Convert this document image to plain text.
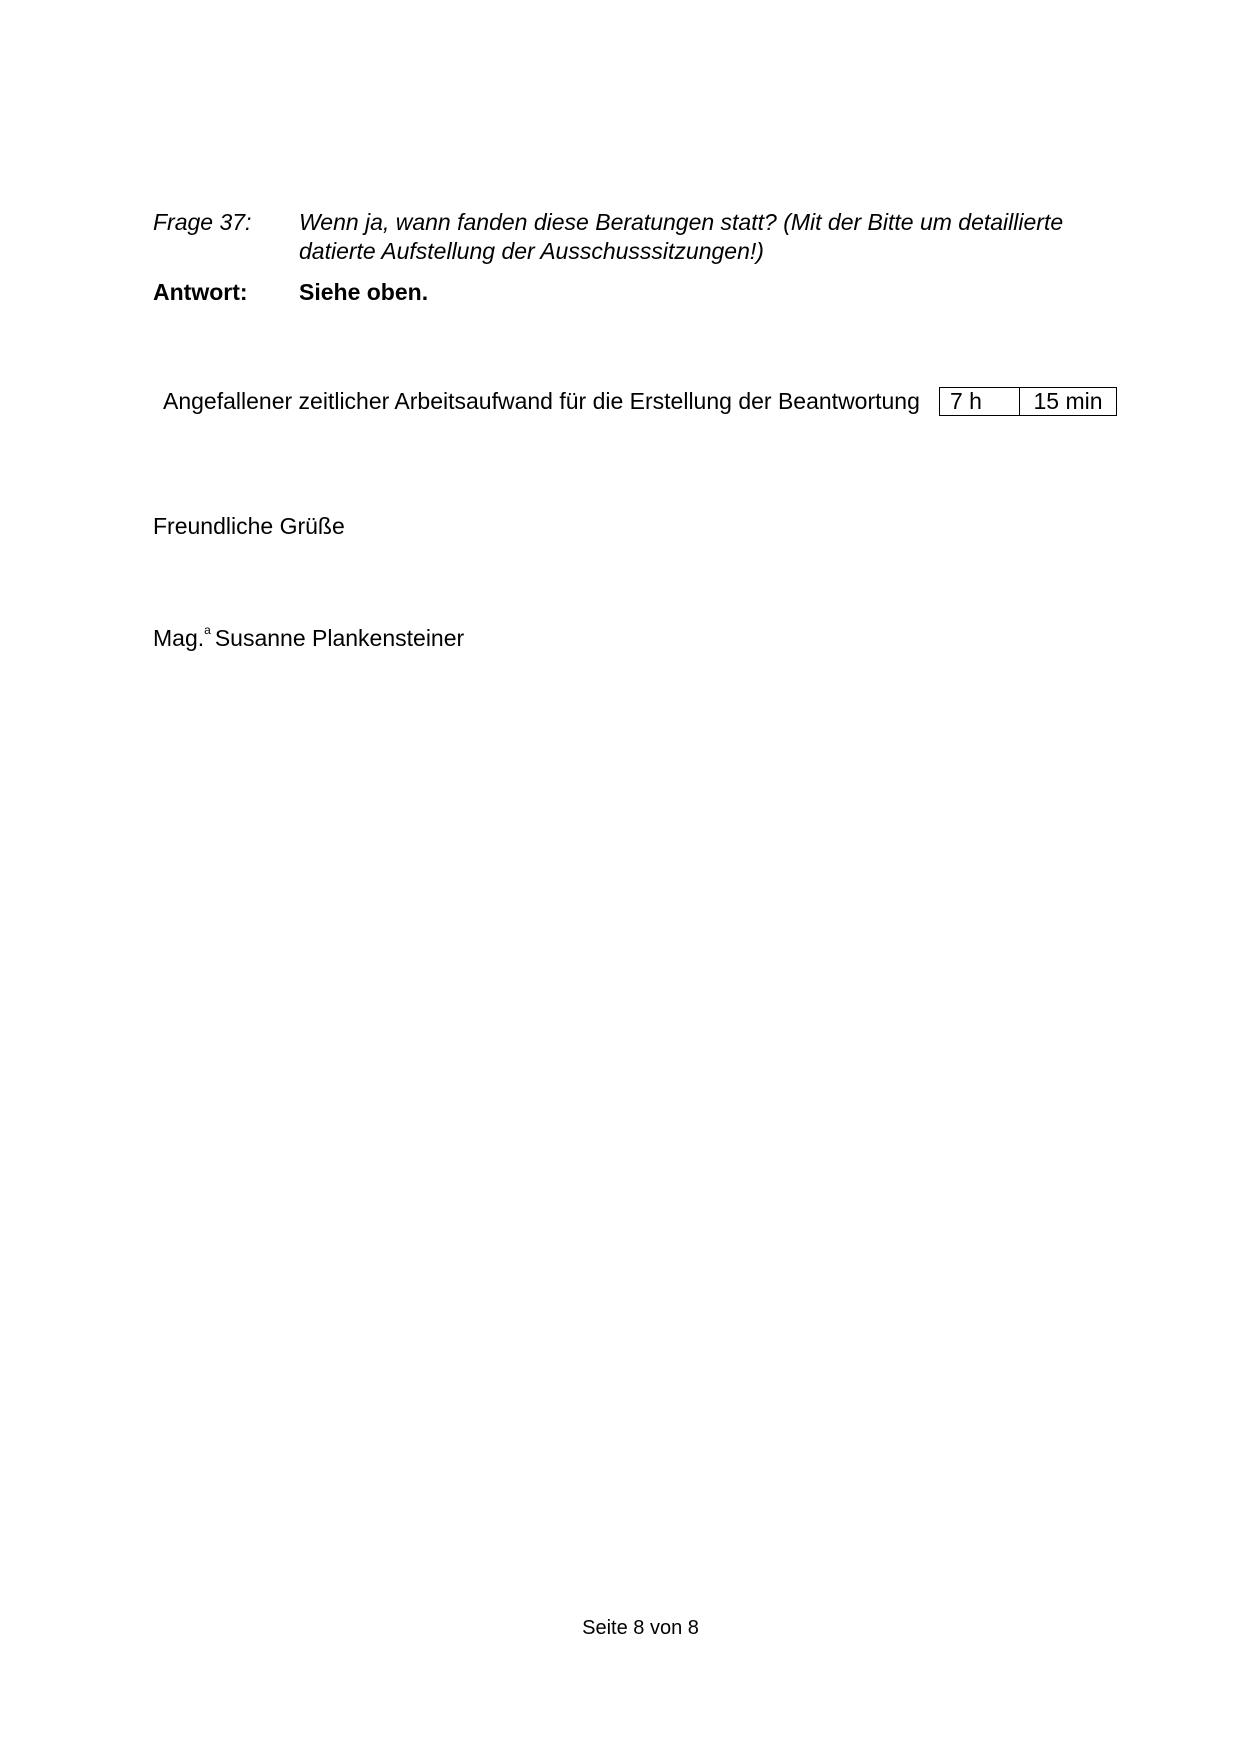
Frage 37:	Wenn ja, wann fanden diese Beratungen statt? (Mit der Bitte um detaillierte datierte Aufstellung der Ausschusssitzungen!)
Antwort:	Siehe oben.
Angefallener zeitlicher Arbeitsaufwand für die Erstellung der Beantwortung	7 h	15 min
Freundliche Grüße
Mag.$^a$ Susanne Plankensteiner
Seite 8 von 8
